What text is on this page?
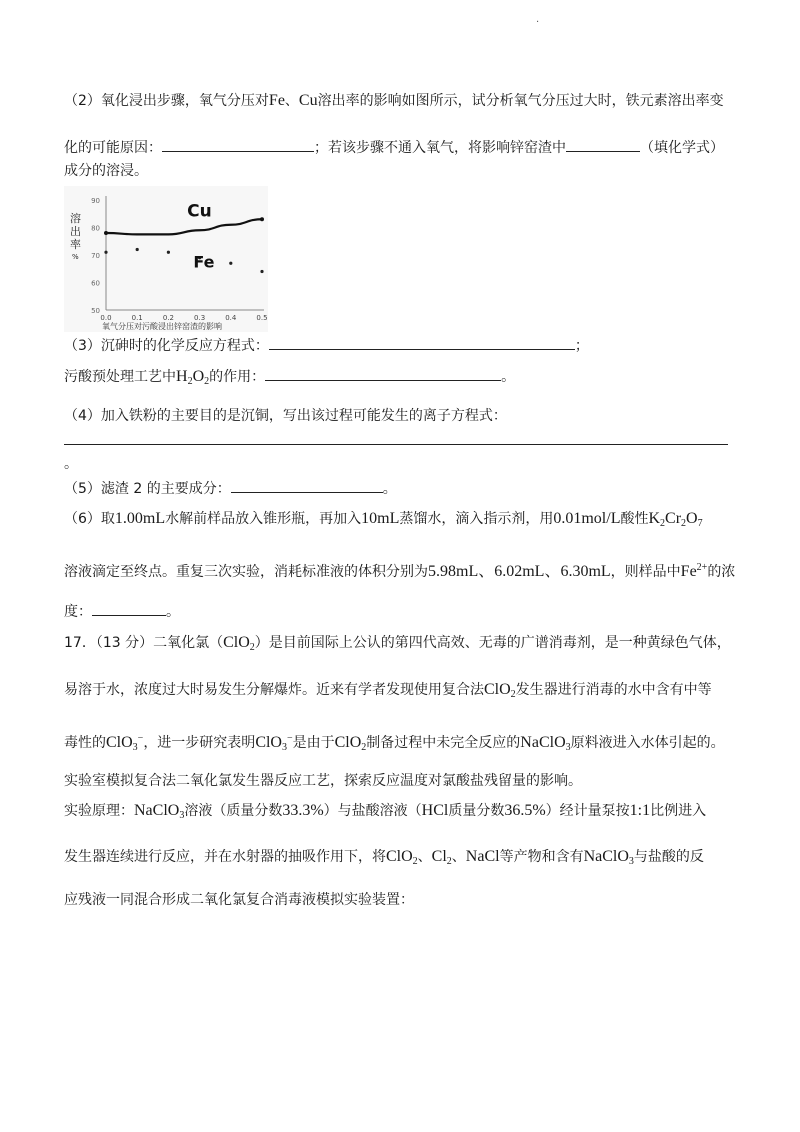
.
（2）氧化浸出步骤，氧气分压对Fe、Cu溶出率的影响如图所示，试分析氧气分压过大时，铁元素溶出率变
化的可能原因：	；若该步骤不通入氧气，将影响锌窑渣中	（填化学式）
成分的溶浸。
90
80
70
60
50
0.0	0.1	0.2	0.3	0.4	0.5
Cu
Fe
溶 出 率 %
氧气分压对污酸浸出锌窑渣的影响
（3）沉砷时的化学反应方程式：	；
污酸预处理工艺中$H_2O_2$的作用：	。
（4）加入铁粉的主要目的是沉铜，写出该过程可能发生的离子方程式：
。
（5）滤渣 2 的主要成分：	。
（6）取1.00mL水解前样品放入锥形瓶，再加入10mL蒸馏水，滴入指示剂，用0.01mol/L酸性$K_2Cr_2O_7$
溶液滴定至终点。重复三次实验，消耗标准液的体积分别为5.98mL、6.02mL、6.30mL，则样品中$Fe^{2+}$的浓
度：	。
17．（13 分）二氧化氯（ClO$_2$）是目前国际上公认的第四代高效、无毒的广谱消毒剂，是一种黄绿色气体，
易溶于水，浓度过大时易发生分解爆炸。近来有学者发现使用复合法ClO$_2$发生器进行消毒的水中含有中等
毒性的ClO$_3$−，进一步研究表明ClO$_3$−是由于ClO$_2$制备过程中未完全反应的NaClO$_3$原料液进入水体引起的。
实验室模拟复合法二氧化氯发生器反应工艺，探索反应温度对氯酸盐残留量的影响。
实验原理：NaClO$_3$溶液（质量分数33.3%）与盐酸溶液（HCl质量分数36.5%）经计量泵按1:1比例进入
发生器连续进行反应，并在水射器的抽吸作用下，将ClO$_2$、$Cl_2$、NaCl等产物和含有NaClO$_3$与盐酸的反
应残液一同混合形成二氧化氯复合消毒液模拟实验装置：
